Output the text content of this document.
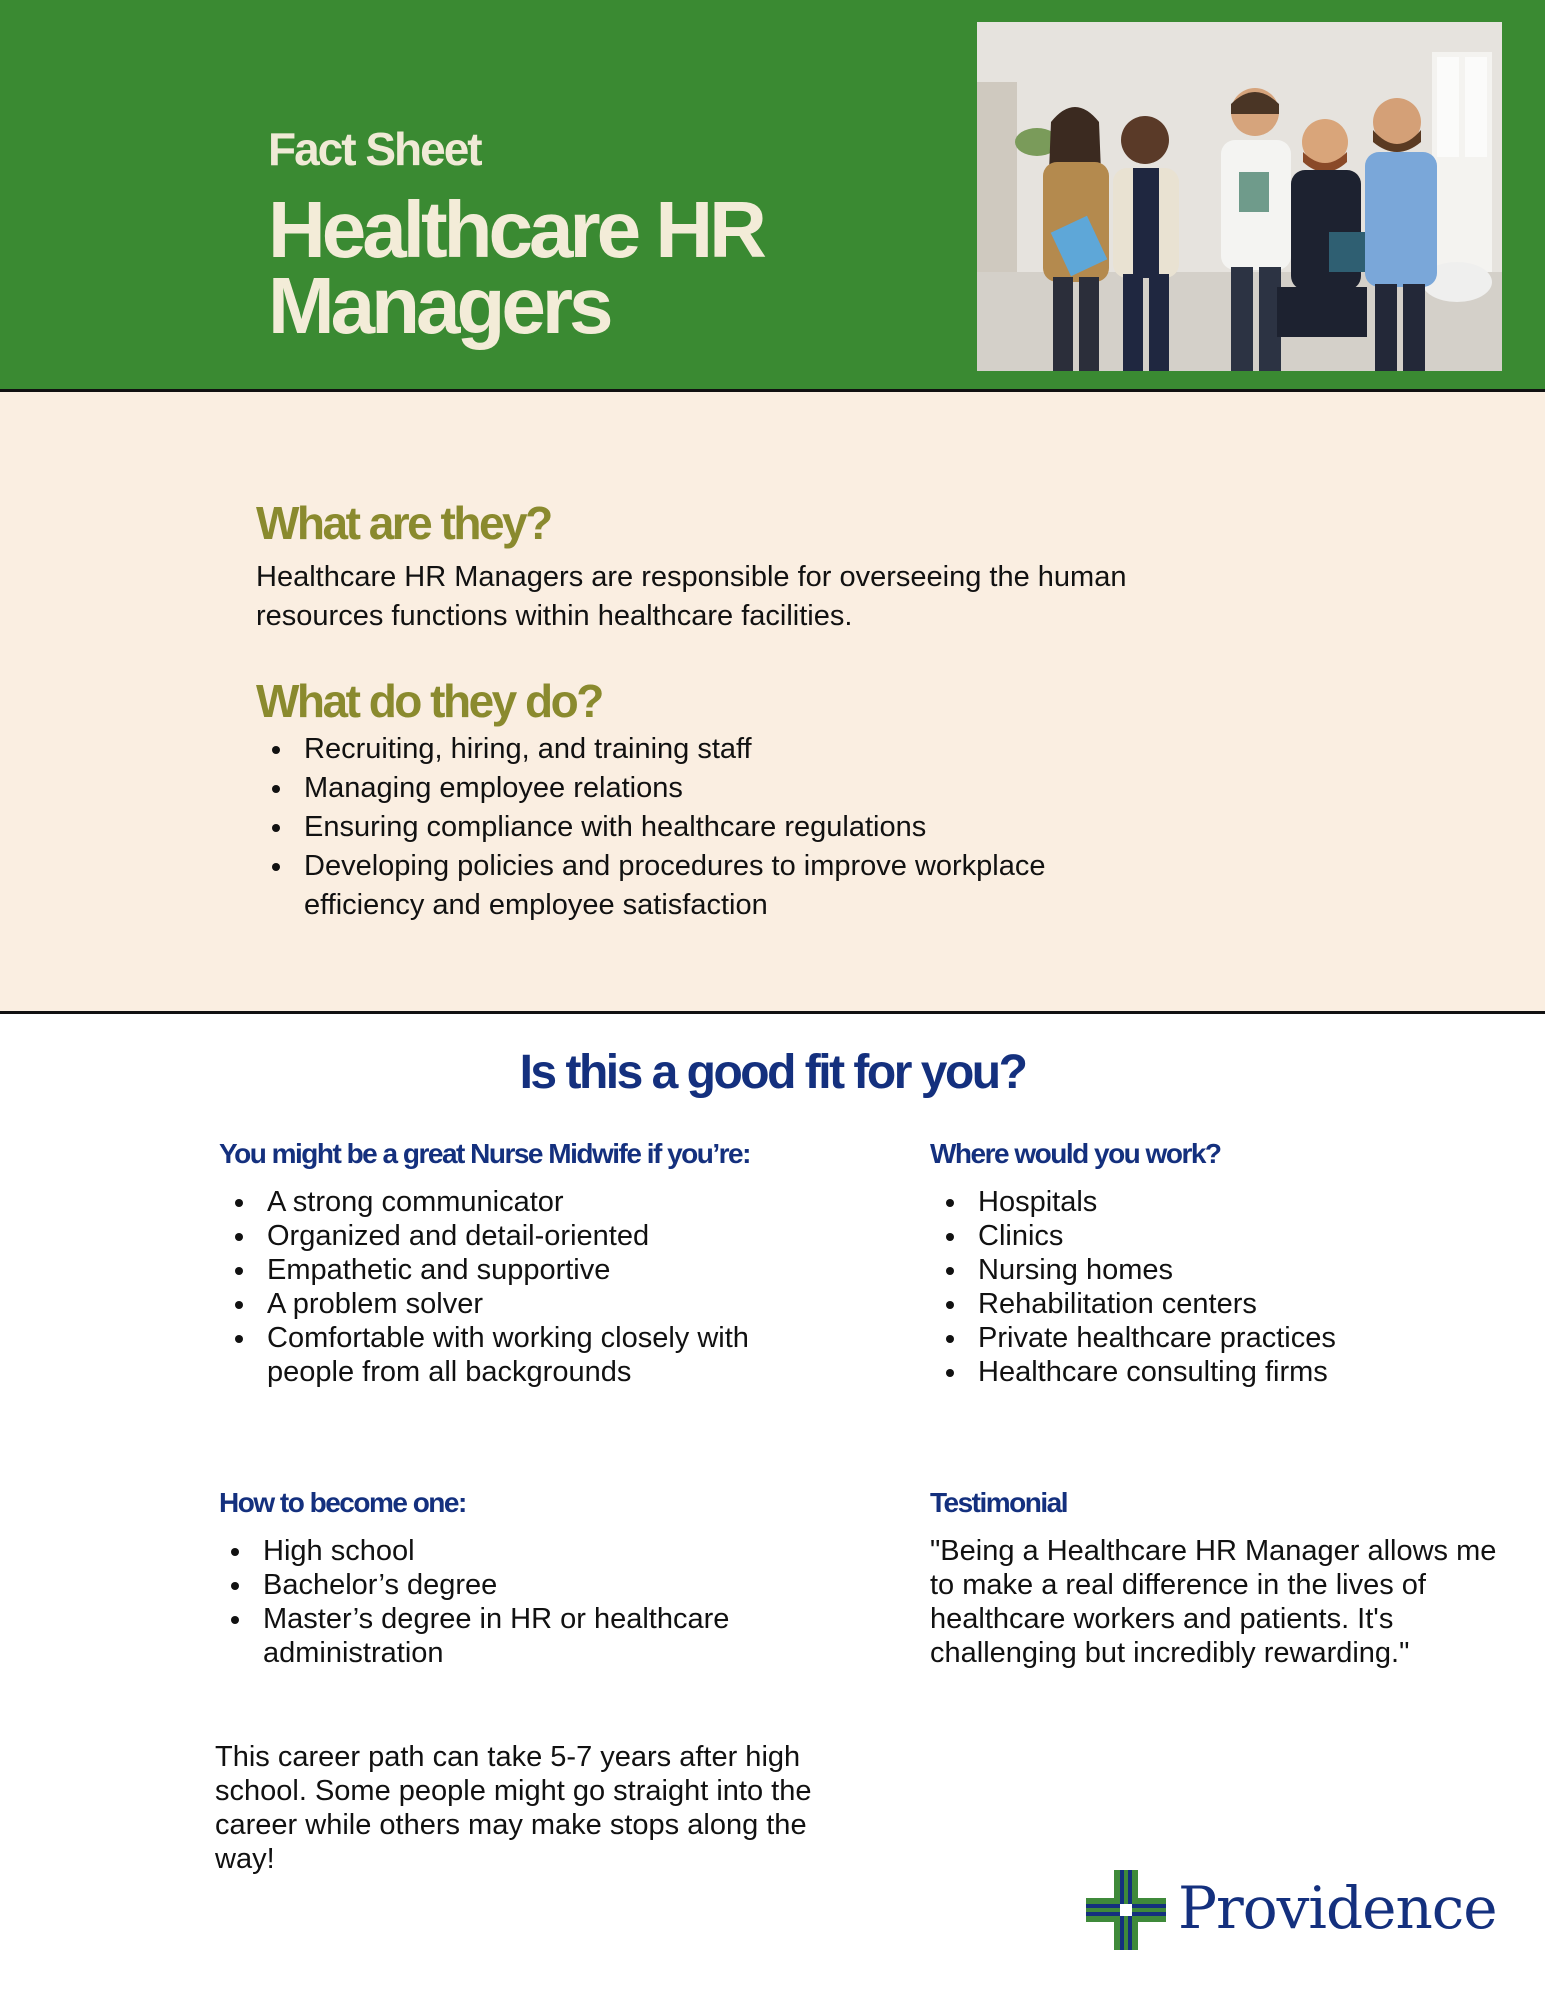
Fact Sheet
Healthcare HR Managers
What are they?
Healthcare HR Managers are responsible for overseeing the human resources functions within healthcare facilities.
What do they do?
Recruiting, hiring, and training staff
Managing employee relations
Ensuring compliance with healthcare regulations
Developing policies and procedures to improve workplace efficiency and employee satisfaction
Is this a good fit for you?
You might be a great Nurse Midwife if you’re:
A strong communicator
Organized and detail-oriented
Empathetic and supportive
A problem solver
Comfortable with working closely with people from all backgrounds
Where would you work?
Hospitals
Clinics
Nursing homes
Rehabilitation centers
Private healthcare practices
Healthcare consulting firms
How to become one:
High school
Bachelor’s degree
Master’s degree in HR or healthcare administration
This career path can take 5-7 years after high school. Some people might go straight into the career while others may make stops along the way!
Testimonial
"Being a Healthcare HR Manager allows me to make a real difference in the lives of healthcare workers and patients. It's challenging but incredibly rewarding."
Providence
